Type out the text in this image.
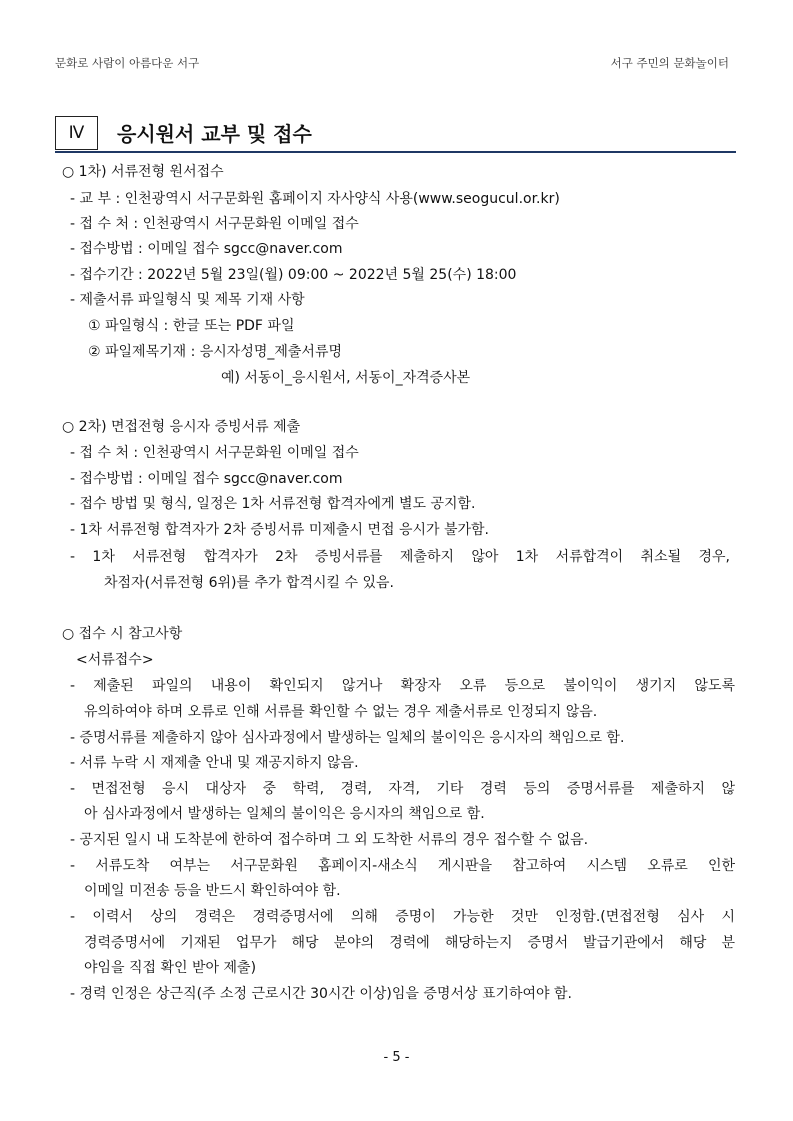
문화로 사람이 아름다운 서구	서구 주민의 문화놀이터
Ⅳ	응시원서 교부 및 접수
○ 1차) 서류전형 원서접수
- 교 부 : 인천광역시 서구문화원 홈페이지 자사양식 사용(www.seogucul.or.kr)
- 접 수 처 : 인천광역시 서구문화원 이메일 접수
- 접수방법 : 이메일 접수 sgcc@naver.com
- 접수기간 : 2022년 5월 23일(월) 09:00 ~ 2022년 5월 25(수) 18:00
- 제출서류 파일형식 및 제목 기재 사항
① 파일형식 : 한글 또는 PDF 파일
② 파일제목기재 : 응시자성명_제출서류명
예) 서동이_응시원서, 서동이_자격증사본
○ 2차) 면접전형 응시자 증빙서류 제출
- 접 수 처 : 인천광역시 서구문화원 이메일 접수
- 접수방법 : 이메일 접수 sgcc@naver.com
- 접수 방법 및 형식, 일정은 1차 서류전형 합격자에게 별도 공지함.
- 1차 서류전형 합격자가 2차 증빙서류 미제출시 면접 응시가 불가함.
- 1차 서류전형 합격자가 2차 증빙서류를 제출하지 않아 1차 서류합격이 취소될 경우,
차점자(서류전형 6위)를 추가 합격시킬 수 있음.
○ 접수 시 참고사항
<서류접수>
- 제출된 파일의 내용이 확인되지 않거나 확장자 오류 등으로 불이익이 생기지 않도록
유의하여야 하며 오류로 인해 서류를 확인할 수 없는 경우 제출서류로 인정되지 않음.
- 증명서류를 제출하지 않아 심사과정에서 발생하는 일체의 불이익은 응시자의 책임으로 함.
- 서류 누락 시 재제출 안내 및 재공지하지 않음.
- 면접전형 응시 대상자 중 학력, 경력, 자격, 기타 경력 등의 증명서류를 제출하지 않
아 심사과정에서 발생하는 일체의 불이익은 응시자의 책임으로 함.
- 공지된 일시 내 도착분에 한하여 접수하며 그 외 도착한 서류의 경우 접수할 수 없음.
- 서류도착 여부는 서구문화원 홈페이지-새소식 게시판을 참고하여 시스템 오류로 인한
이메일 미전송 등을 반드시 확인하여야 함.
- 이력서 상의 경력은 경력증명서에 의해 증명이 가능한 것만 인정함.(면접전형 심사 시
경력증명서에 기재된 업무가 해당 분야의 경력에 해당하는지 증명서 발급기관에서 해당 분
야임을 직접 확인 받아 제출)
- 경력 인정은 상근직(주 소정 근로시간 30시간 이상)임을 증명서상 표기하여야 함.
- 5 -
